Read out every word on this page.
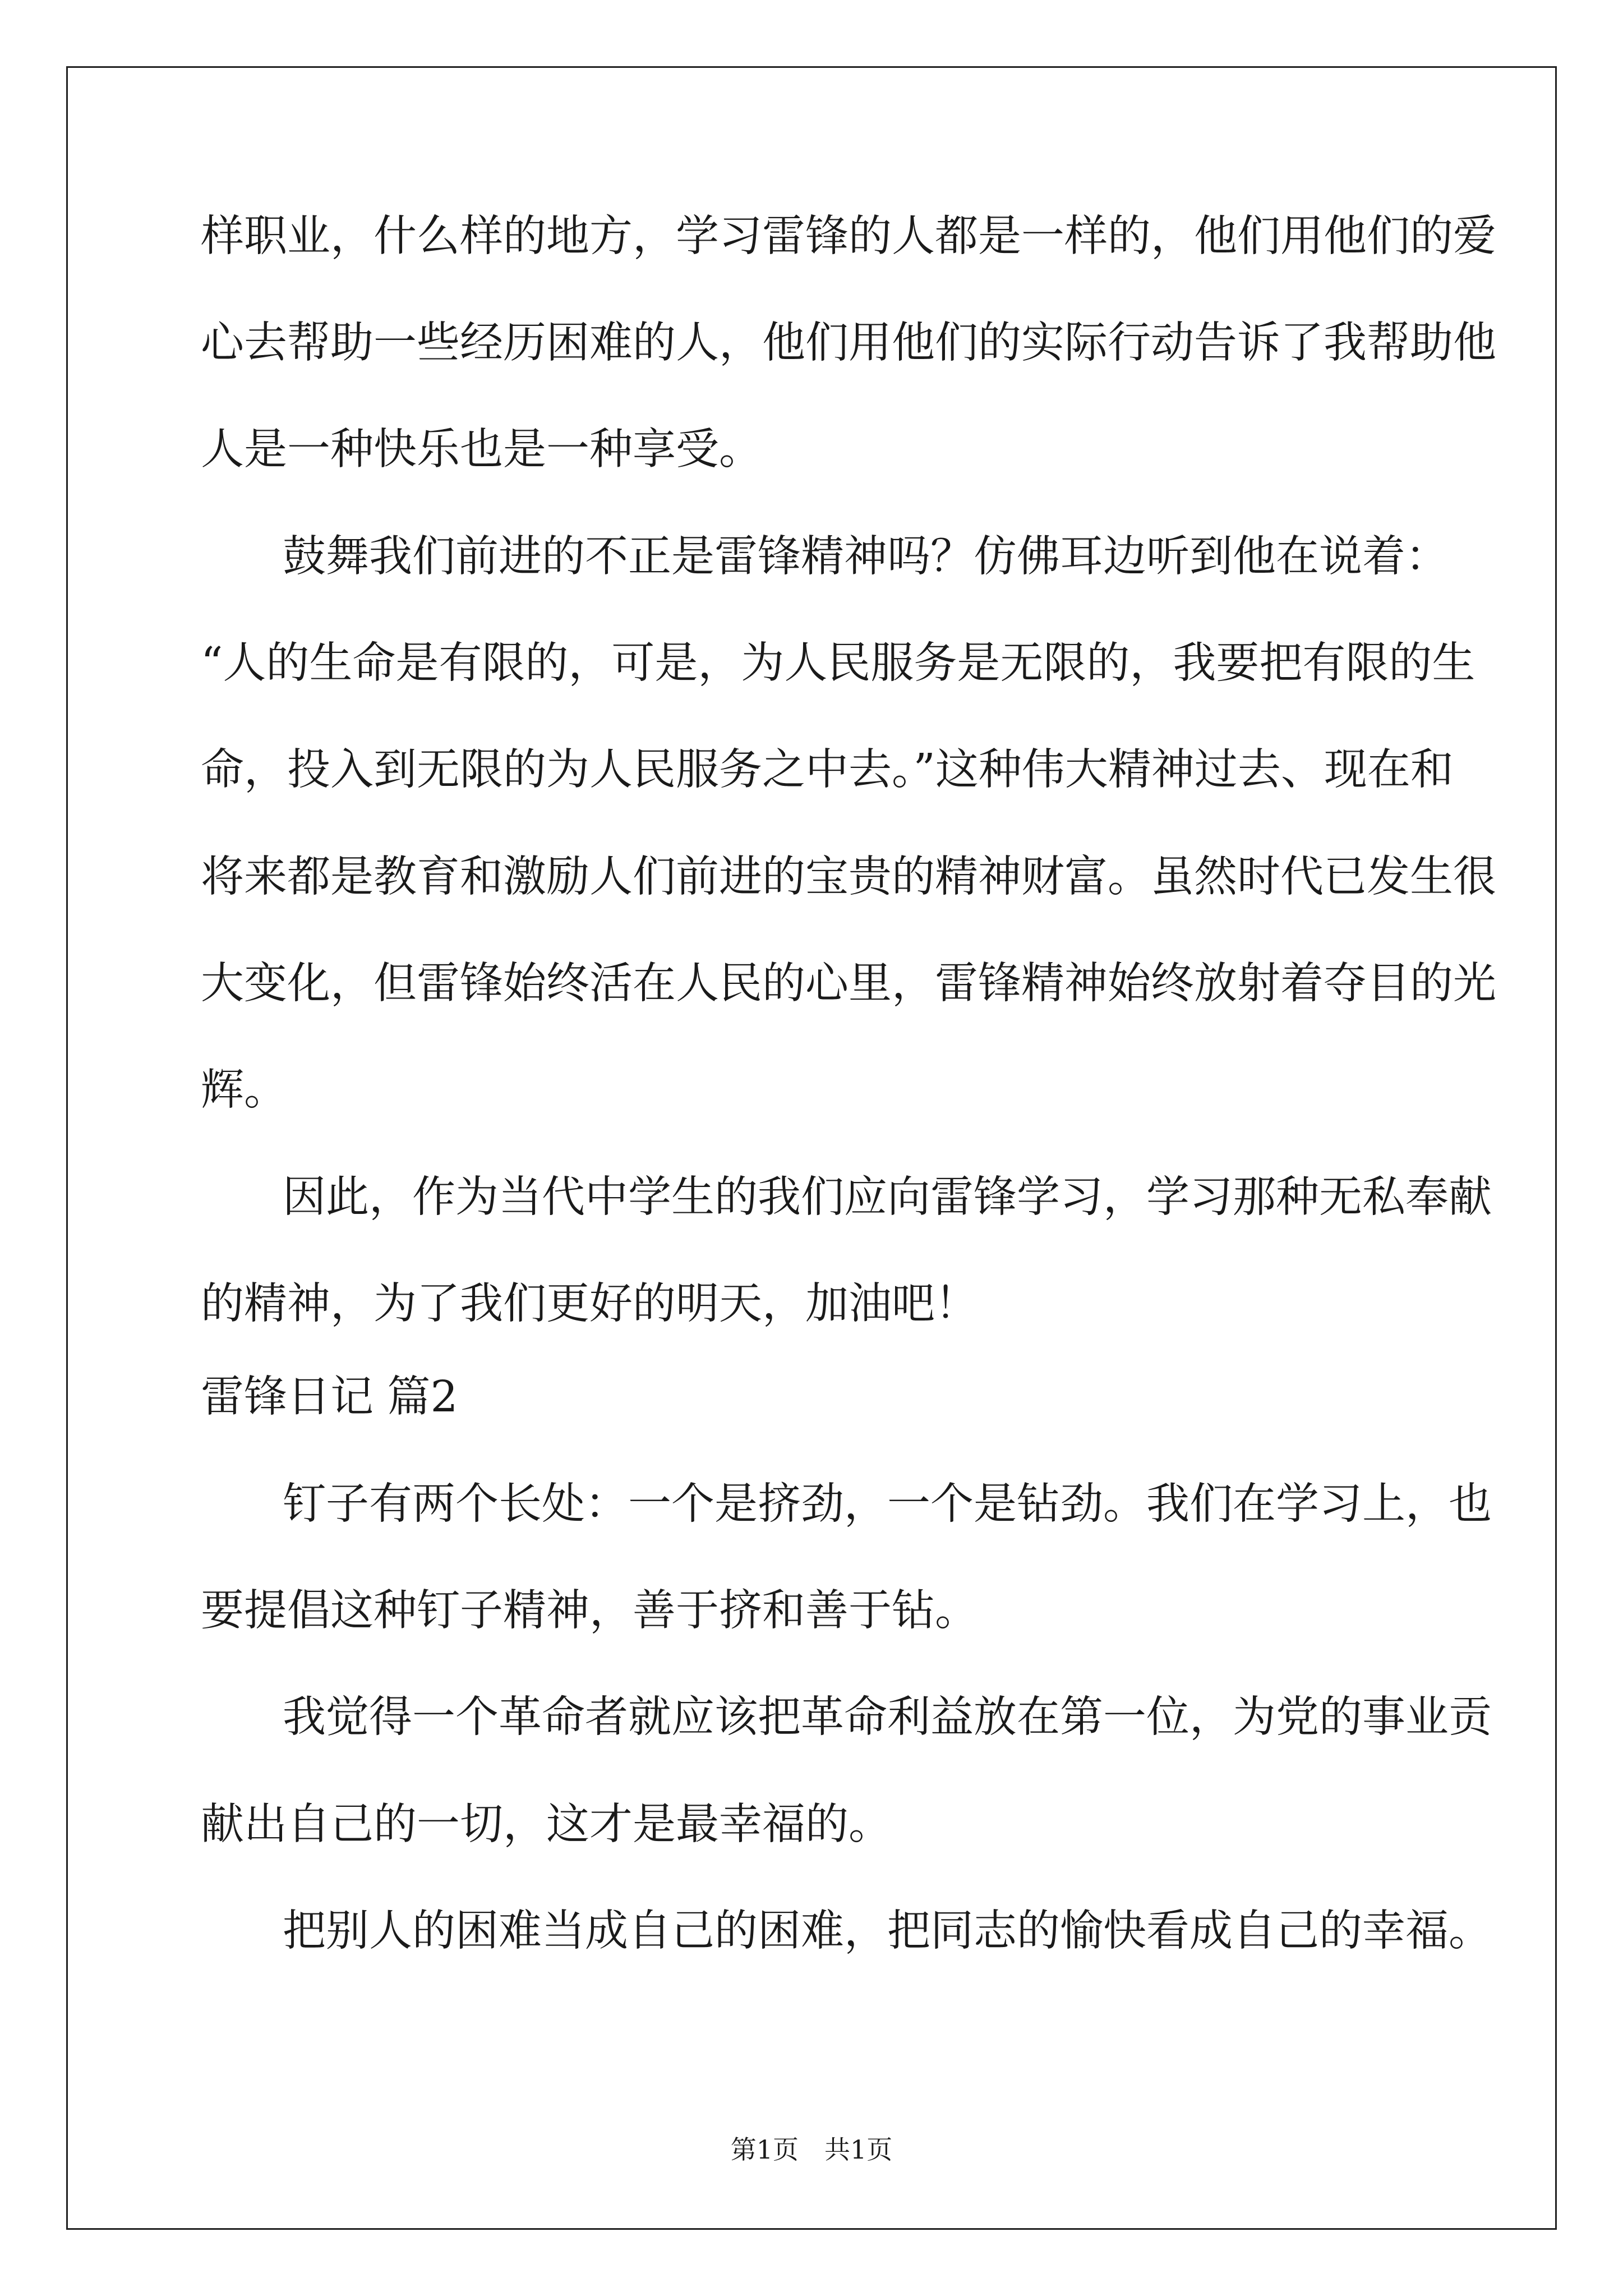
样职业，什么样的地方，学习雷锋的人都是一样的，他们用他们的爱
心去帮助一些经历困难的人，他们用他们的实际行动告诉了我帮助他
人是一种快乐也是一种享受。
鼓舞我们前进的不正是雷锋精神吗？仿佛耳边听到他在说着：
“人的生命是有限的，可是，为人民服务是无限的，我要把有限的生
命，投入到无限的为人民服务之中去。”这种伟大精神过去、现在和
将来都是教育和激励人们前进的宝贵的精神财富。虽然时代已发生很
大变化，但雷锋始终活在人民的心里，雷锋精神始终放射着夺目的光
辉。
因此，作为当代中学生的我们应向雷锋学习，学习那种无私奉献
的精神，为了我们更好的明天，加油吧！
雷锋日记 篇2
钉子有两个长处：一个是挤劲，一个是钻劲。我们在学习上，也
要提倡这种钉子精神，善于挤和善于钻。
我觉得一个革命者就应该把革命利益放在第一位，为党的事业贡
献出自己的一切，这才是最幸福的。
把别人的困难当成自己的困难，把同志的愉快看成自己的幸福。
第1页 共1页
